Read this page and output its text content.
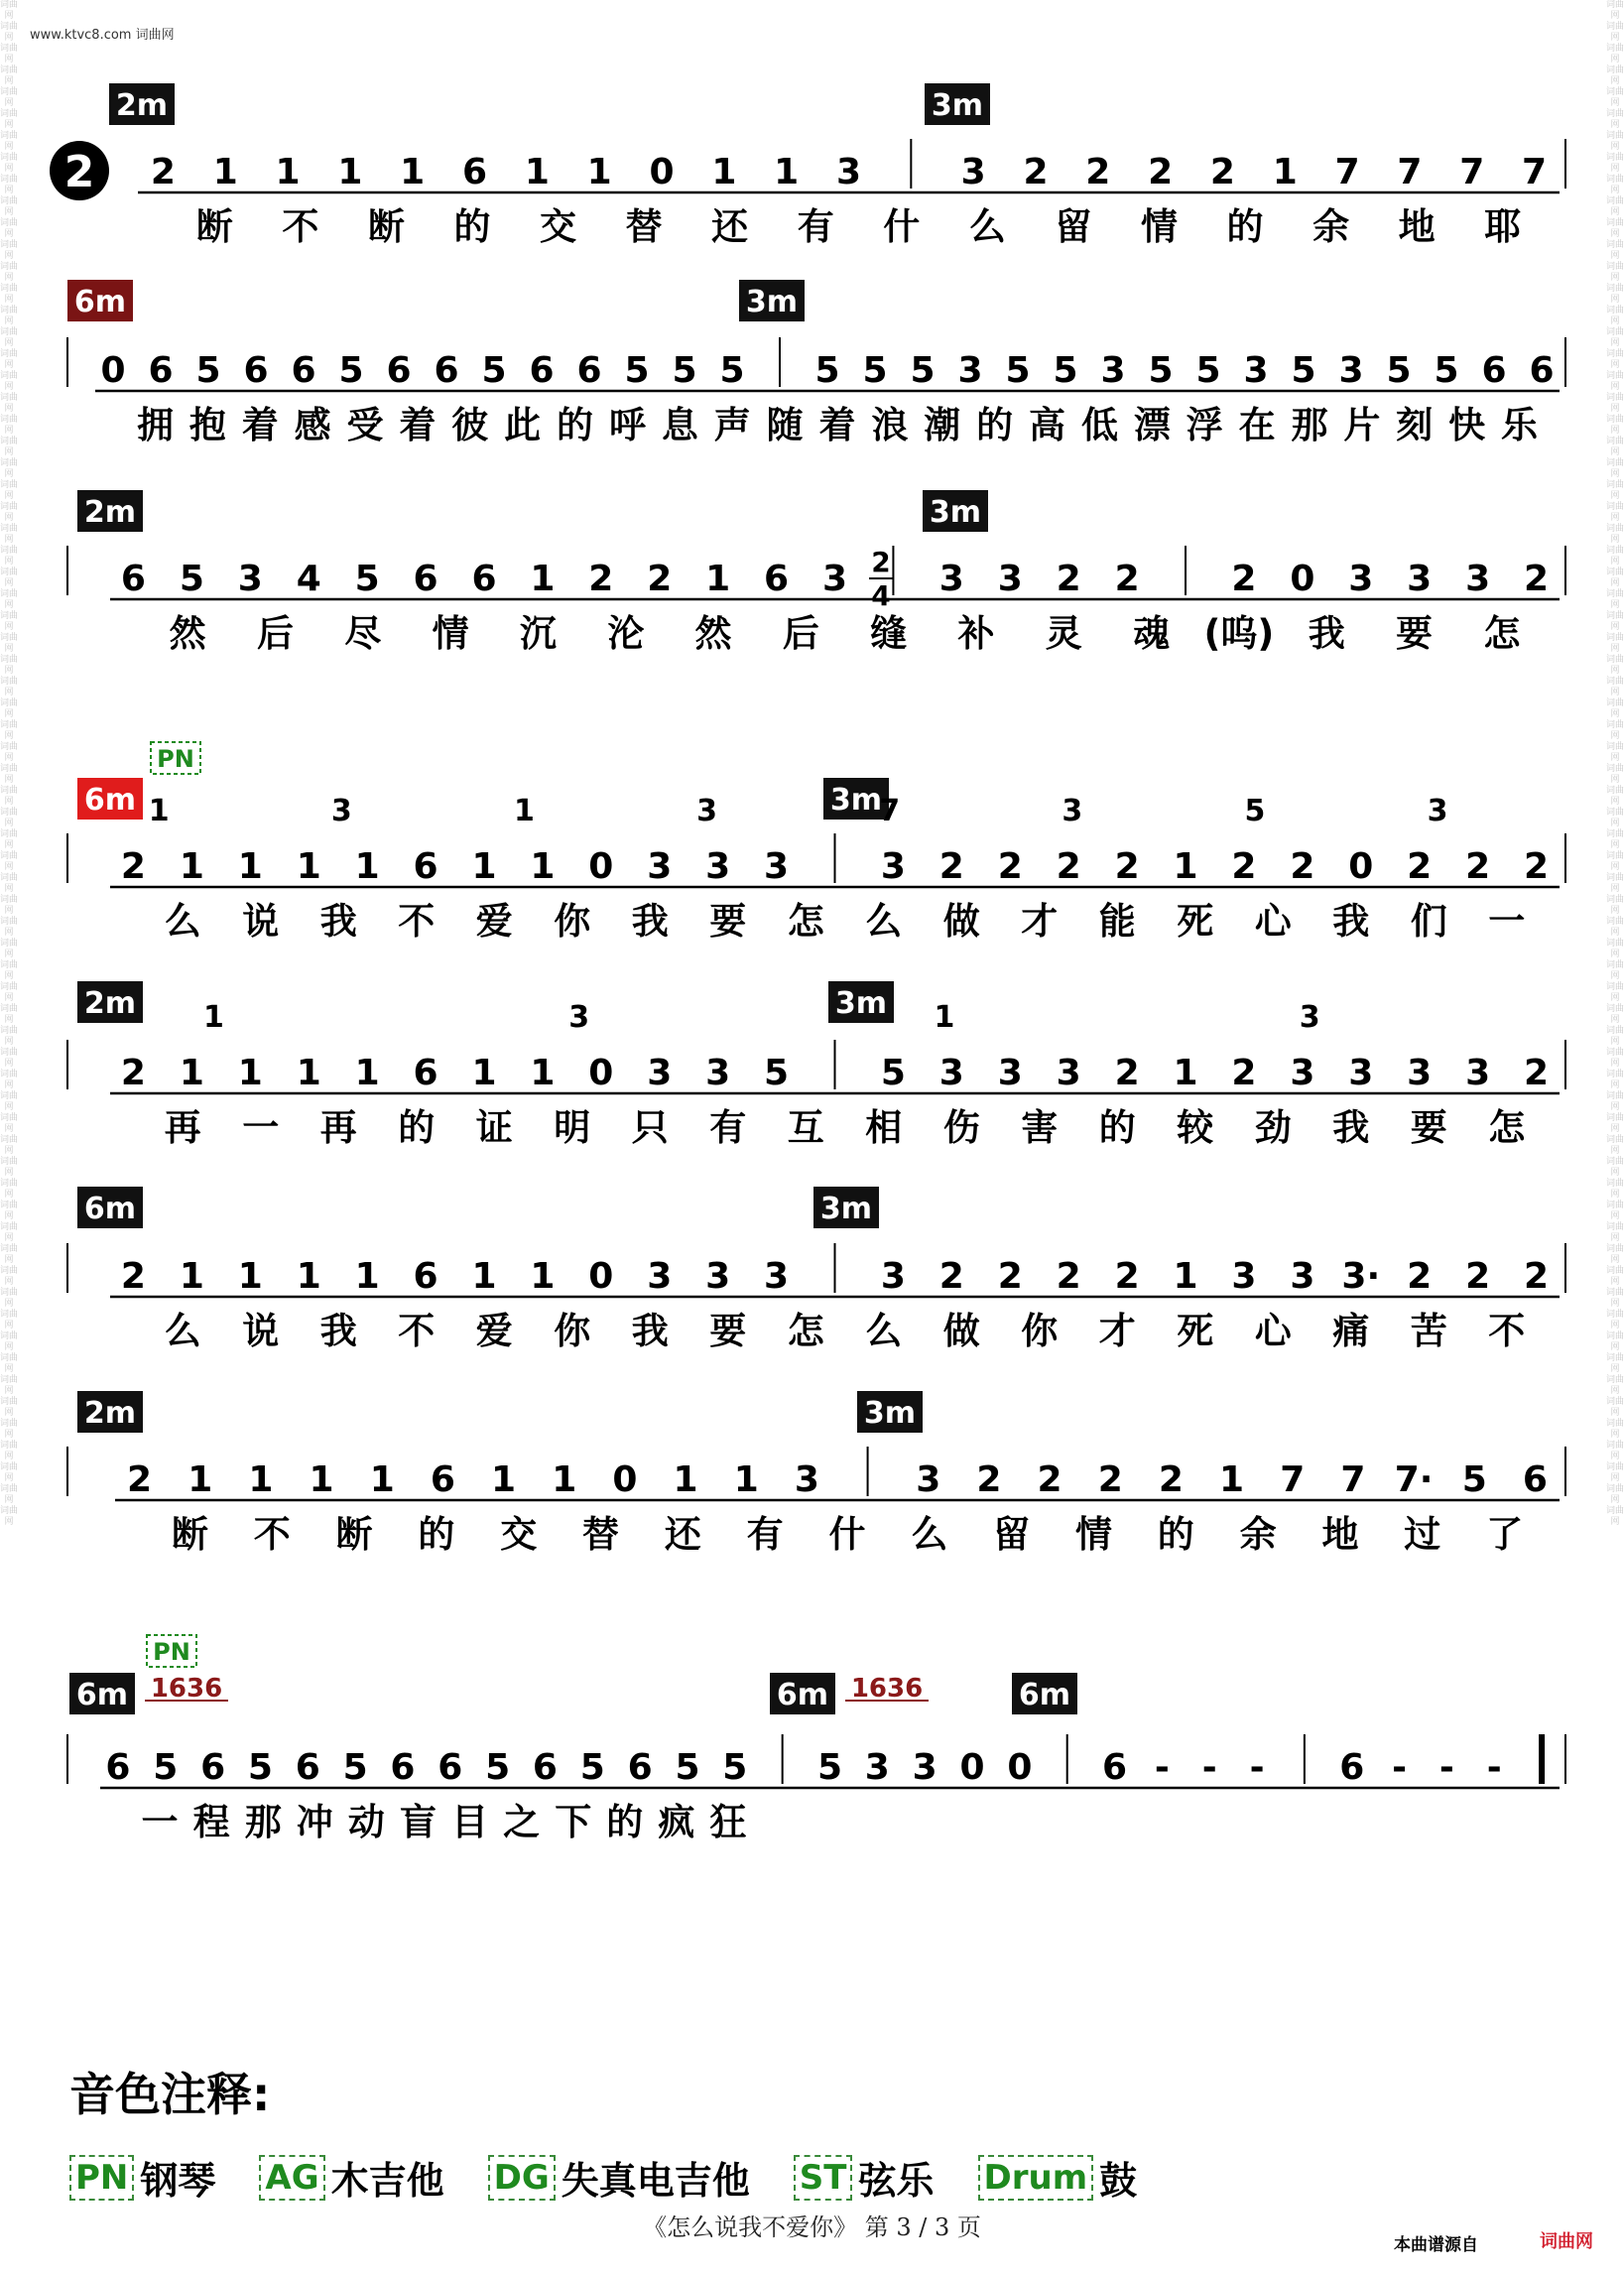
词曲网
词曲网
词曲网
词曲网
词曲网
词曲网
词曲网
词曲网
词曲网
词曲网
词曲网
词曲网
词曲网
词曲网
词曲网
词曲网
词曲网
词曲网
词曲网
词曲网
词曲网
词曲网
词曲网
词曲网
词曲网
词曲网
词曲网
词曲网
词曲网
词曲网
词曲网
词曲网
词曲网
词曲网
词曲网
词曲网
词曲网
词曲网
词曲网
词曲网
词曲网
词曲网
词曲网
词曲网
词曲网
词曲网
词曲网
词曲网
词曲网
词曲网
词曲网
词曲网
词曲网
词曲网
词曲网
词曲网
词曲网
词曲网
词曲网
词曲网
词曲网
词曲网
词曲网
词曲网
词曲网
词曲网
词曲网
词曲网
词曲网
词曲网

词曲网
词曲网
词曲网
词曲网
词曲网
词曲网
词曲网
词曲网
词曲网
词曲网
词曲网
词曲网
词曲网
词曲网
词曲网
词曲网
词曲网
词曲网
词曲网
词曲网
词曲网
词曲网
词曲网
词曲网
词曲网
词曲网
词曲网
词曲网
词曲网
词曲网
词曲网
词曲网
词曲网
词曲网
词曲网
词曲网
词曲网
词曲网
词曲网
词曲网
词曲网
词曲网
词曲网
词曲网
词曲网
词曲网
词曲网
词曲网
词曲网
词曲网
词曲网
词曲网
词曲网
词曲网
词曲网
词曲网
词曲网
词曲网
词曲网
词曲网
词曲网
词曲网
词曲网
词曲网
词曲网
词曲网
词曲网
词曲网
词曲网
词曲网

www.ktvc8.com 词曲网
2 2 1 1 1 1 6 1 1 0 1 1 3	3 2 2 2 2 1 7 7 7 7
断 不 断 的 交 替 还 有 什 么 留 情 的 余 地 耶
2m	3m
0 6 5 6 6 5 6 6 5 6 6 5 5 5 5 5 5 3 5 5 3 5 5 3 5 3 5 5 6 6
拥 抱 着 感 受 着 彼 此 的 呼 息 声 随 着 浪 潮 的 高 低 漂 浮 在 那 片 刻 快 乐
6m	3m
6 5 3 4 5 6 6 1 2 2 1 6 3	3 3 2 2	2 0 3 3 3 2
然 后 尽 情 沉 沦 然 后 缝 补 灵 魂 (呜) 我 要 怎
2m	3m
2
4
2 1 1 1 1 6 1 1 0 3 3 3	3 2 2 2 2 1 2 2 0 2 2 2
么 说 我 不 爱 你 我 要 怎 么 做 才 能 死 心 我 们 一
6m	3m
1	3	1	3	7	3	5	3
PN
2 1 1 1 1 6 1 1 0 3 3 5	5 3 3 3 2 1 2 3 3 3 3 2
再 一 再 的 证 明 只 有 互 相 伤 害 的 较 劲 我 要 怎
2m	3m
1	3	1	3
2 1 1 1 1 6 1 1 0 3 3 3	3 2 2 2 2 1 3 3 3· 2 2 2
么 说 我 不 爱 你 我 要 怎 么 做 你 才 死 心 痛 苦 不
6m	3m
2 1 1 1 1 6 1 1 0 1 1 3	3 2 2 2 2 1 7 7 7· 5 6
断 不 断 的 交 替 还 有 什 么 留 情 的 余 地 过 了
2m	3m
6 5 6 5 6 5 6 6 5 6 5 6 5 5 5 3 3 0 0 6 - - - 6 - - -
一 程 那 冲 动 盲 目 之 下 的 疯 狂
6m	6m	6m
PN
1636	1636
音色注释:
PN 钢琴 AG 木吉他 DG 失真电吉他 ST 弦乐 Drum 鼓
《怎么说我不爱你》 第 3 / 3 页
本曲谱源自	词曲网
